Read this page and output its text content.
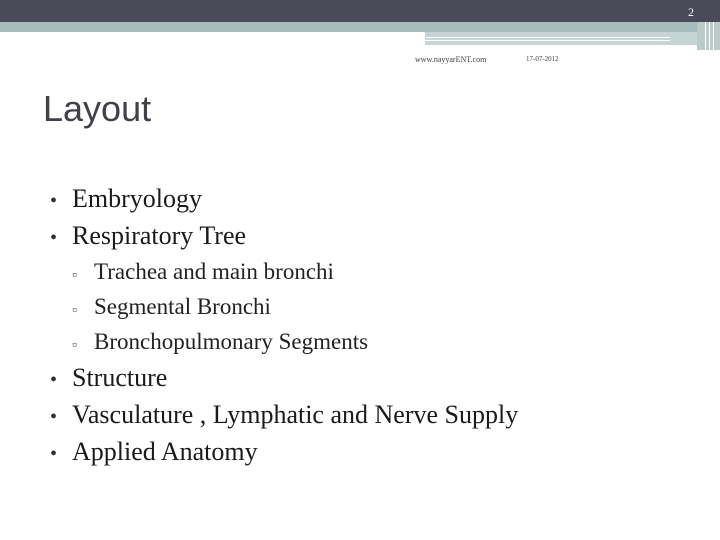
2
www.nayyarENT.com	17-07-2012
Layout
• Embryology
• Respiratory Tree
▫ Trachea and main bronchi
▫ Segmental Bronchi
▫ Bronchopulmonary Segments
• Structure
• Vasculature , Lymphatic and Nerve Supply
• Applied Anatomy
